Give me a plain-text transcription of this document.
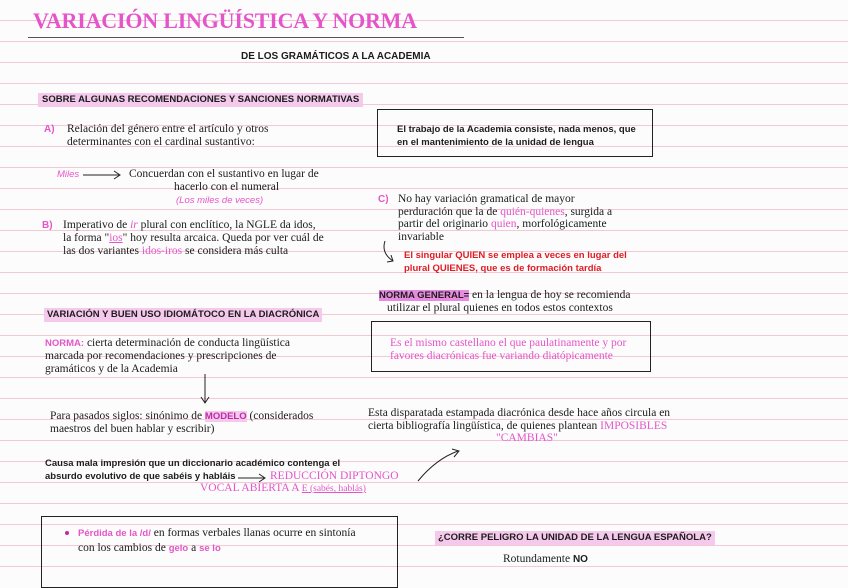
VARIACIÓN LINGÜÍSTICA Y NORMA
DE LOS GRAMÁTICOS A LA ACADEMIA
SOBRE ALGUNAS RECOMENDACIONES Y SANCIONES NORMATIVAS
A) Relación del género entre el artículo y otros
determinantes con el cardinal sustantivo:
Miles	Concuerdan con el sustantivo en lugar de
hacerlo con el numeral
(Los miles de veces)
B) Imperativo de ir plural con enclítico, la NGLE da idos,
la forma "ios" hoy resulta arcaica. Queda por ver cuál de
las dos variantes idos-iros se considera más culta
El trabajo de la Academia consiste, nada menos, que
en el mantenimiento de la unidad de lengua
C) No hay variación gramatical de mayor
perduración que la de quién-quienes, surgida a
partir del originario quien, morfológicamente
invariable
El singular QUIEN se emplea a veces en lugar del
plural QUIENES, que es de formación tardía
NORMA GENERAL= en la lengua de hoy se recomienda
utilizar el plural quienes en todos estos contextos
VARIACIÓN Y BUEN USO IDIOMÁTOCO EN LA DIACRÓNICA
NORMA: cierta determinación de conducta lingüística
marcada por recomendaciones y prescripciones de
gramáticos y de la Academia
Para pasados siglos: sinónimo de MODELO (considerados
maestros del buen hablar y escribir)
Es el mismo castellano el que paulatinamente y por
favores diacrónicas fue variando diatópicamente
Esta disparatada estampada diacrónica desde hace años circula en
cierta bibliografía lingüística, de quienes plantean IMPOSIBLES
"CAMBIAS"
Causa mala impresión que un diccionario académico contenga el
absurdo evolutivo de que sabéis y habláis	REDUCCIÓN DIPTONGO
VOCAL ABIERTA A E (sabés, hablás)
Pérdida de la /d/ en formas verbales llanas ocurre en sintonía
con los cambios de gelo a se lo
¿CORRE PELIGRO LA UNIDAD DE LA LENGUA ESPAÑOLA?
Rotundamente NO
